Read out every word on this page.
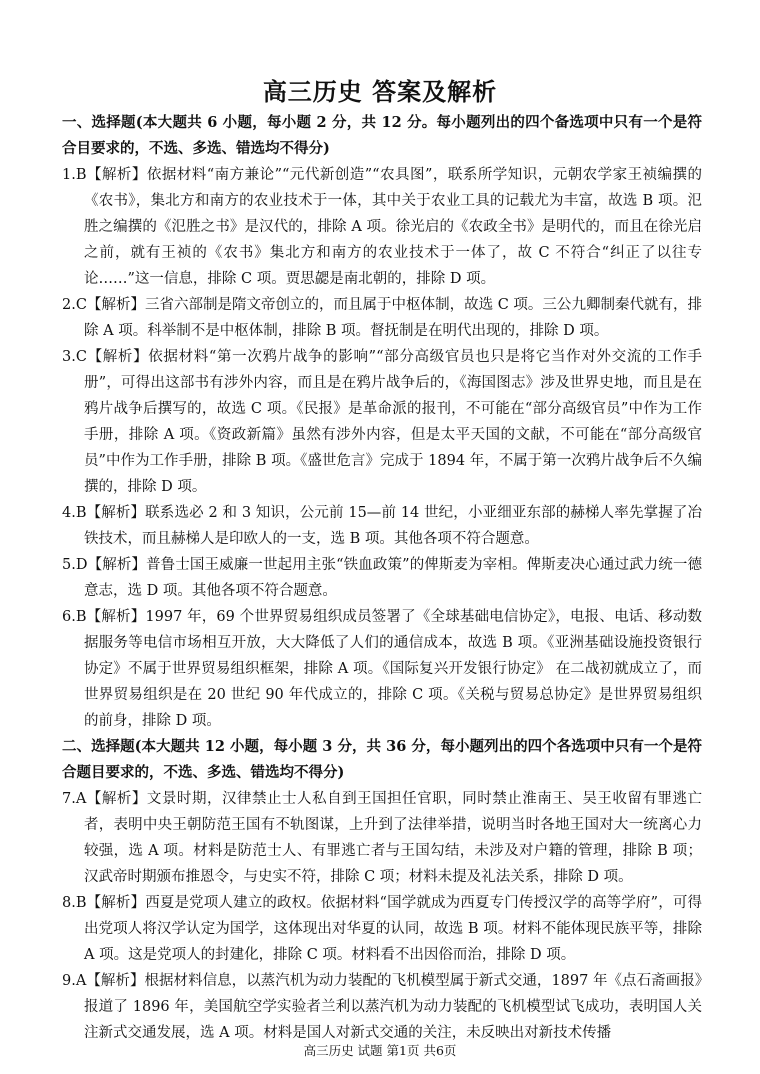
高三历史 答案及解析

一、选择题(本大题共 6 小题，每小题 2 分，共 12 分。每小题列出的四个备选项中只有一个是符合目要求的，不选、多选、错选均不得分)

1.B【解析】依据材料“南方兼论”“元代新创造”“农具图”，联系所学知识，元朝农学家王祯编撰的《农书》，集北方和南方的农业技术于一体，其中关于农业工具的记载尤为丰富，故选 B 项。氾胜之编撰的《氾胜之书》是汉代的，排除 A 项。徐光启的《农政全书》是明代的，而且在徐光启之前，就有王祯的《农书》集北方和南方的农业技术于一体了，故 C 不符合“纠正了以往专论……”这一信息，排除 C 项。贾思勰是南北朝的，排除 D 项。

2.C【解析】三省六部制是隋文帝创立的，而且属于中枢体制，故选 C 项。三公九卿制秦代就有，排除 A 项。科举制不是中枢体制，排除 B 项。督抚制是在明代出现的，排除 D 项。

3.C【解析】依据材料“第一次鸦片战争的影响”“部分高级官员也只是将它当作对外交流的工作手册”，可得出这部书有涉外内容，而且是在鸦片战争后的，《海国图志》涉及世界史地，而且是在鸦片战争后撰写的，故选 C 项。《民报》是革命派的报刊，不可能在“部分高级官员”中作为工作手册，排除 A 项。《资政新篇》虽然有涉外内容，但是太平天国的文献，不可能在“部分高级官员”中作为工作手册，排除 B 项。《盛世危言》完成于 1894 年，不属于第一次鸦片战争后不久编撰的，排除 D 项。

4.B【解析】联系选必 2 和 3 知识，公元前 15—前 14 世纪，小亚细亚东部的赫梯人率先掌握了冶铁技术，而且赫梯人是印欧人的一支，选 B 项。其他各项不符合题意。

5.D【解析】普鲁士国王威廉一世起用主张“铁血政策”的俾斯麦为宰相。俾斯麦决心通过武力统一德意志，选 D 项。其他各项不符合题意。

6.B【解析】1997 年，69 个世界贸易组织成员签署了《全球基础电信协定》，电报、电话、移动数据服务等电信市场相互开放，大大降低了人们的通信成本，故选 B 项。《亚洲基础设施投资银行协定》不属于世界贸易组织框架，排除 A 项。《国际复兴开发银行协定》 在二战初就成立了，而世界贸易组织是在 20 世纪 90 年代成立的，排除 C 项。《关税与贸易总协定》是世界贸易组织的前身，排除 D 项。

二、选择题(本大题共 12 小题，每小题 3 分，共 36 分，每小题列出的四个各选项中只有一个是符合题目要求的，不选、多选、错选均不得分)

7.A【解析】文景时期，汉律禁止士人私自到王国担任官职，同时禁止淮南王、吴王收留有罪逃亡者，表明中央王朝防范王国有不轨图谋，上升到了法律举措，说明当时各地王国对大一统离心力较强，选 A 项。材料是防范士人、有罪逃亡者与王国勾结，未涉及对户籍的管理，排除 B 项；汉武帝时期颁布推恩令，与史实不符，排除 C 项；材料未提及礼法关系，排除 D 项。

8.B【解析】西夏是党项人建立的政权。依据材料“国学就成为西夏专门传授汉学的高等学府”，可得出党项人将汉学认定为国学，这体现出对华夏的认同，故选 B 项。材料不能体现民族平等，排除 A 项。这是党项人的封建化，排除 C 项。材料看不出因俗而治，排除 D 项。

9.A【解析】根据材料信息，以蒸汽机为动力装配的飞机模型属于新式交通，1897 年《点石斋画报》报道了 1896 年，美国航空学实验者兰利以蒸汽机为动力装配的飞机模型试飞成功，表明国人关注新式交通发展，选 A 项。材料是国人对新式交通的关注，未反映出对新技术传播

高三历史 试题 第1页 共6页
